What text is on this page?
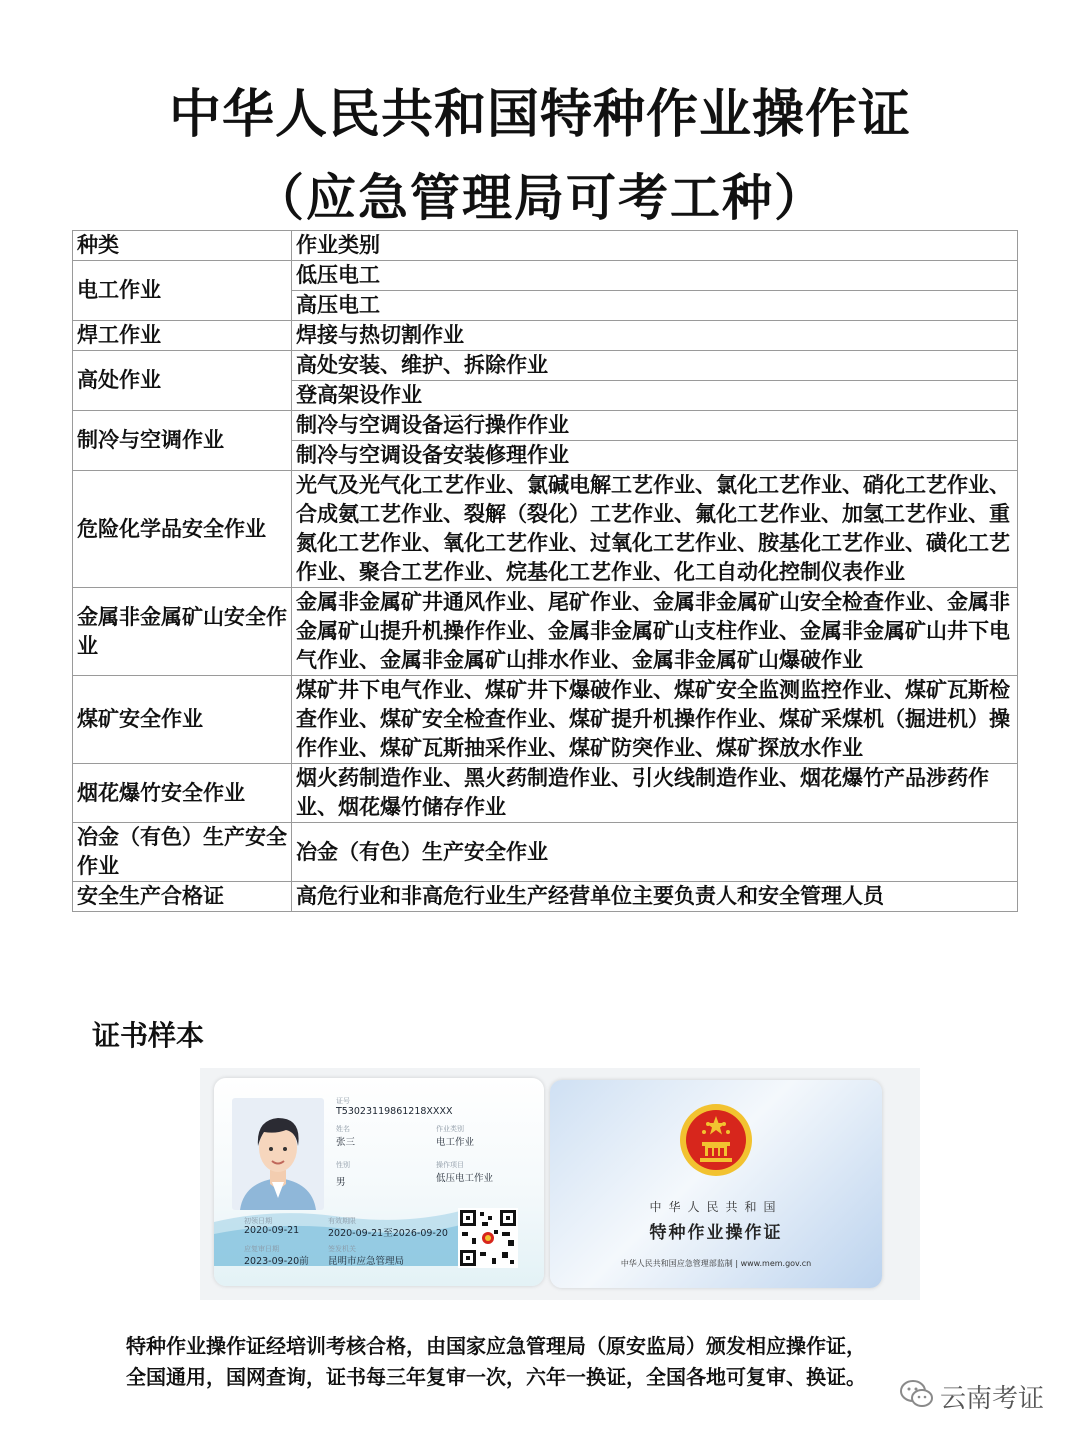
中华人民共和国特种作业操作证
（应急管理局可考工种）
种类	作业类别
电工作业	低压电工
	高压电工
焊工作业	焊接与热切割作业
高处作业	高处安装、维护、拆除作业
	登高架设作业
制冷与空调作业	制冷与空调设备运行操作作业
	制冷与空调设备安装修理作业
危险化学品安全作业	光气及光气化工艺作业、氯碱电解工艺作业、氯化工艺作业、硝化工艺作业、合成氨工艺作业、裂解（裂化）工艺作业、氟化工艺作业、加氢工艺作业、重氮化工艺作业、氧化工艺作业、过氧化工艺作业、胺基化工艺作业、磺化工艺作业、聚合工艺作业、烷基化工艺作业、化工自动化控制仪表作业
金属非金属矿山安全作业	金属非金属矿井通风作业、尾矿作业、金属非金属矿山安全检查作业、金属非金属矿山提升机操作作业、金属非金属矿山支柱作业、金属非金属矿山井下电气作业、金属非金属矿山排水作业、金属非金属矿山爆破作业
煤矿安全作业	煤矿井下电气作业、煤矿井下爆破作业、煤矿安全监测监控作业、煤矿瓦斯检查作业、煤矿安全检查作业、煤矿提升机操作作业、煤矿采煤机（掘进机）操作作业、煤矿瓦斯抽采作业、煤矿防突作业、煤矿探放水作业
烟花爆竹安全作业	烟火药制造作业、黑火药制造作业、引火线制造作业、烟花爆竹产品涉药作业、烟花爆竹储存作业
冶金（有色）生产安全作业	冶金（有色）生产安全作业
安全生产合格证	高危行业和非高危行业生产经营单位主要负责人和安全管理人员
证书样本
证号
T53023119861218XXXX
姓名
张三
作业类别
电工作业
性别
男
操作项目
低压电工作业
初领日期
2020-09-21
有效期限
2020-09-21至2026-09-20
应复审日期
2023-09-20前
签发机关
昆明市应急管理局
中华人民共和国
特种作业操作证
中华人民共和国应急管理部监制 | www.mem.gov.cn
特种作业操作证经培训考核合格，由国家应急管理局（原安监局）颁发相应操作证，
全国通用，国网查询，证书每三年复审一次，六年一换证，全国各地可复审、换证。
云南考证
